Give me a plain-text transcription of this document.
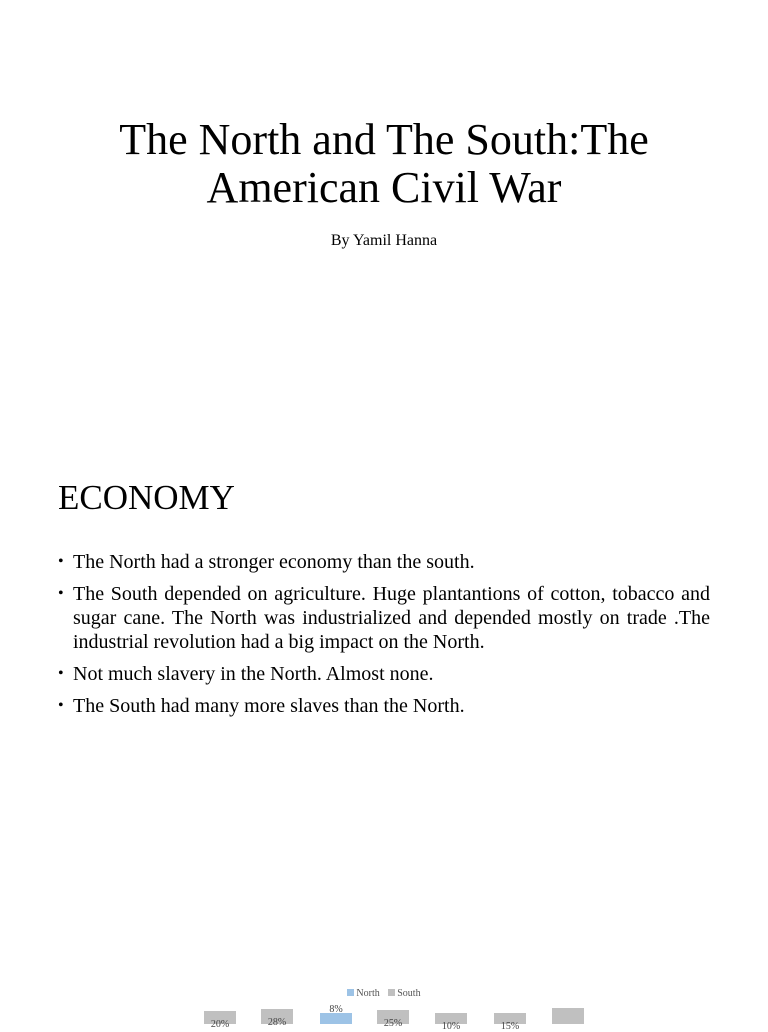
The North and The South:The American Civil War

By Yamil Hanna

ECONOMY
• The North had a stronger economy than the south.
• The South depended on agriculture. Huge plantantions of cotton, tobacco and sugar cane. The North was industrialized and depended mostly on trade .The industrial revolution had a big impact on the North.
• Not much slavery in the North. Almost none.
• The South had many more slaves than the North.
North South
20%	28%
8%
25%	10%	15%
